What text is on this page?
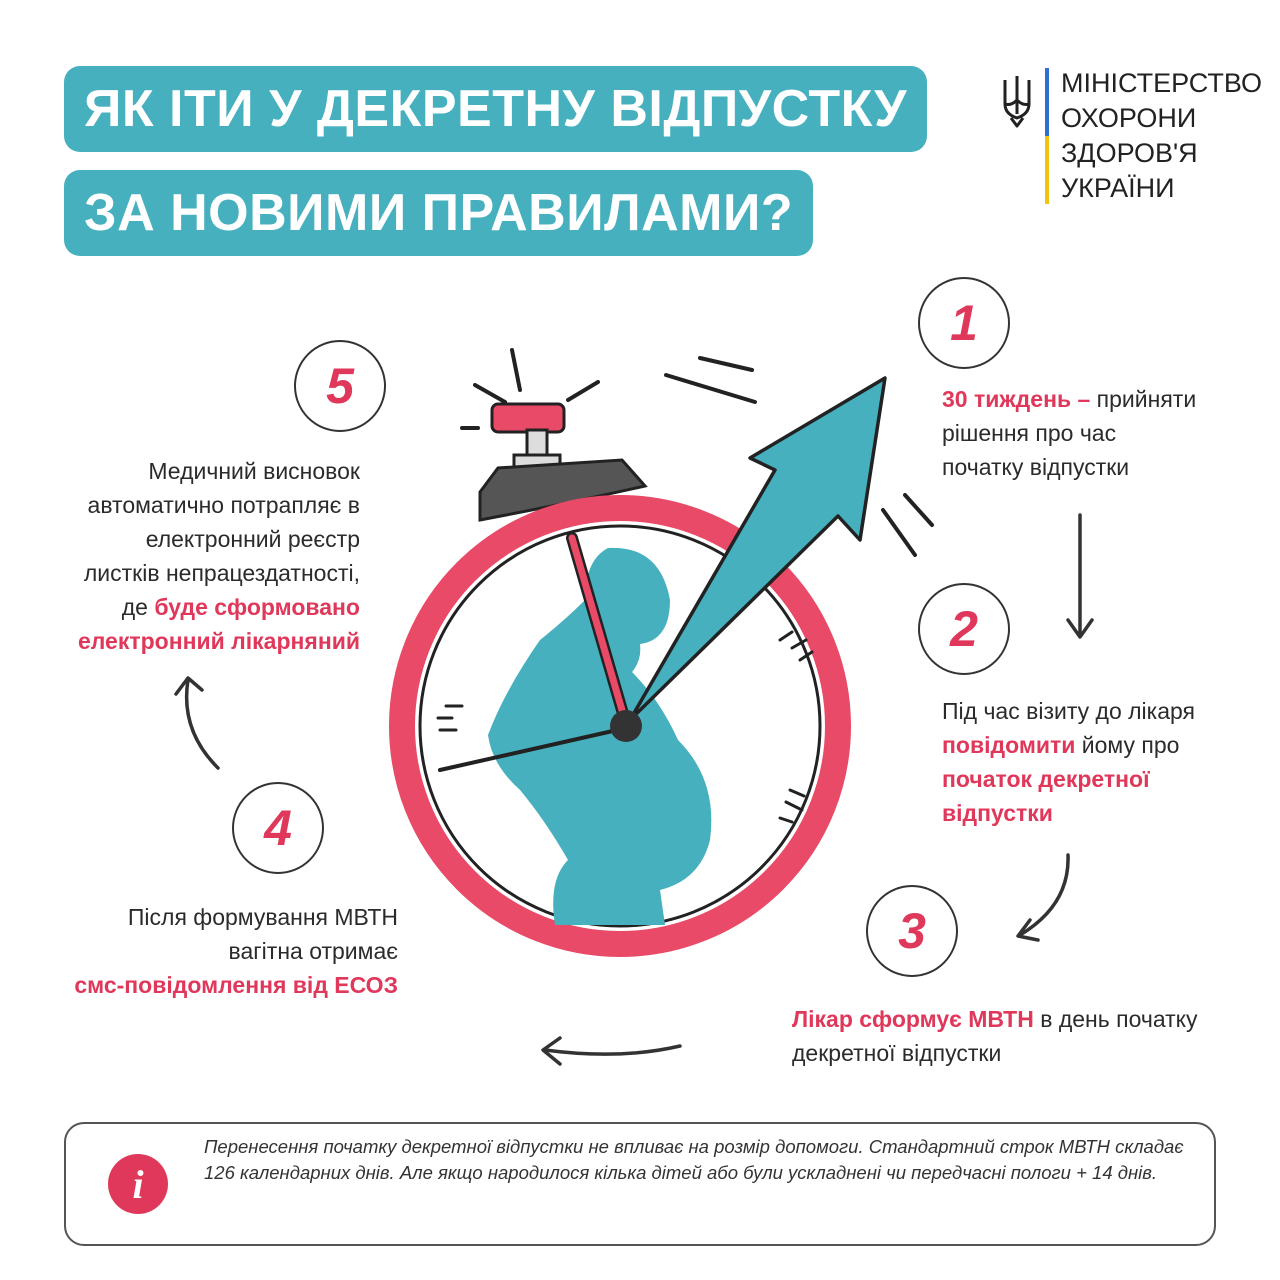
ЯК ІТИ У ДЕКРЕТНУ ВІДПУСТКУ
ЗА НОВИМИ ПРАВИЛАМИ?
МІНІСТЕРСТВО
ОХОРОНИ
ЗДОРОВ'Я
УКРАЇНИ
1
2
3
4
5	30 тиждень – прийняти
рішення про час
початку відпустки
Під час візиту до лікаря
повідомити йому про
початок декретної
відпустки
Лікар сформує МВТН в день початку
декретної відпустки
Після формування МВТН
вагітна отримає
смс-повідомлення від ЕСОЗ
Медичний висновок
автоматично потрапляє в
електронний реєстр
листків непрацездатності,
де буде сформовано
електронний лікарняний
i
Перенесення початку декретної відпустки не впливає на розмір допомоги. Стандартний строк МВТН складає 126 календарних днів. Але якщо народилося кілька дітей або були ускладнені чи передчасні пологи + 14 днів.
